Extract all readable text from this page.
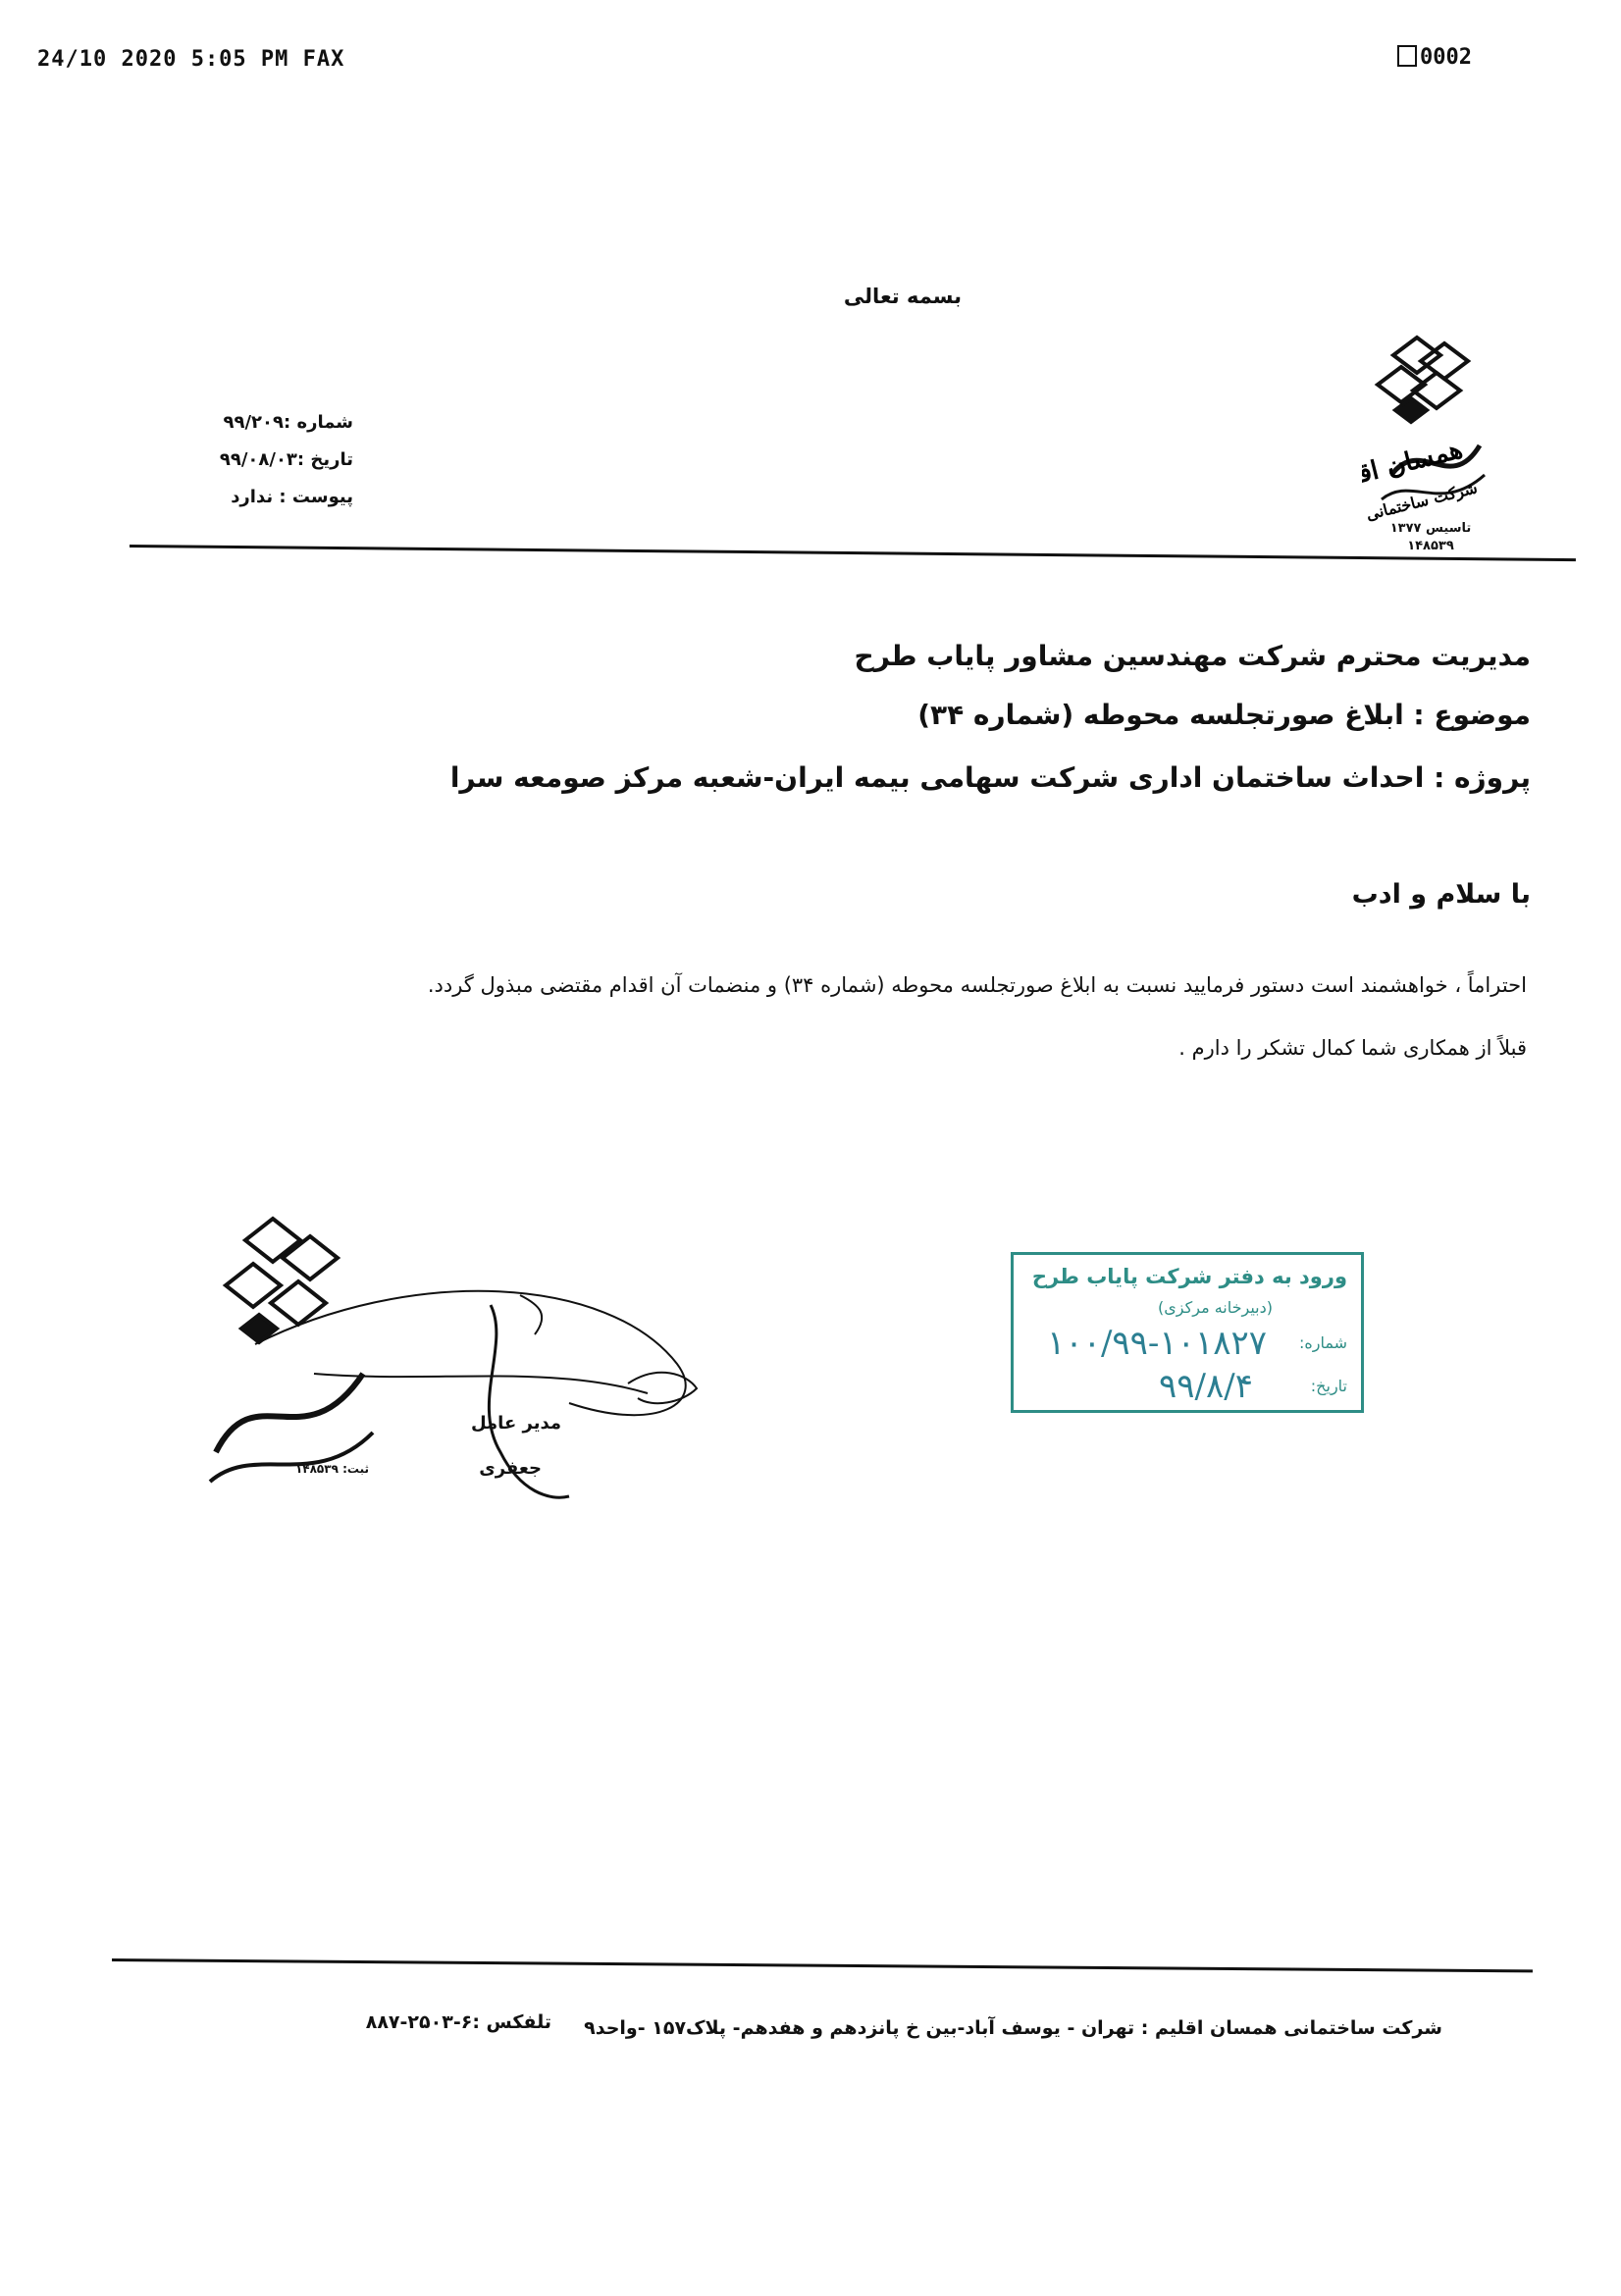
24/10 2020 5:05 PM FAX	0002
بسمه تعالی
شماره :۹۹/۲۰۹
تاریخ :۹۹/۰۸/۰۳
پیوست : ندارد
همسان اقلیم
شرکت ساختمانی
تاسیس ۱۳۷۷
۱۴۸۵۳۹
مدیریت محترم شرکت مهندسین مشاور پایاب طرح
موضوع : ابلاغ صورتجلسه محوطه (شماره ۳۴)
پروژه : احداث ساختمان اداری شرکت سهامی بیمه ایران-شعبه مرکز صومعه سرا
با سلام و ادب
احتراماً ، خواهشمند است دستور فرمایید نسبت به ابلاغ صورتجلسه محوطه (شماره ۳۴) و منضمات آن اقدام مقتضی مبذول گردد.
قبلاً از همکاری شما کمال تشکر را دارم .
مدیر عامل
جعفری
ثبت: ۱۴۸۵۳۹
ورود به دفتر شرکت پایاب طرح
(دبیرخانه مرکزی)
شماره:
۱۰۰/۹۹-۱۰۱۸۲۷
تاریخ:
۹۹/۸/۴
شرکت ساختمانی همسان اقلیم : تهران - یوسف آباد-بین خ پانزدهم و هفدهم- پلاک۱۵۷ -واحد۹
تلفکس :۶-۲۵۰۳-۸۸۷
